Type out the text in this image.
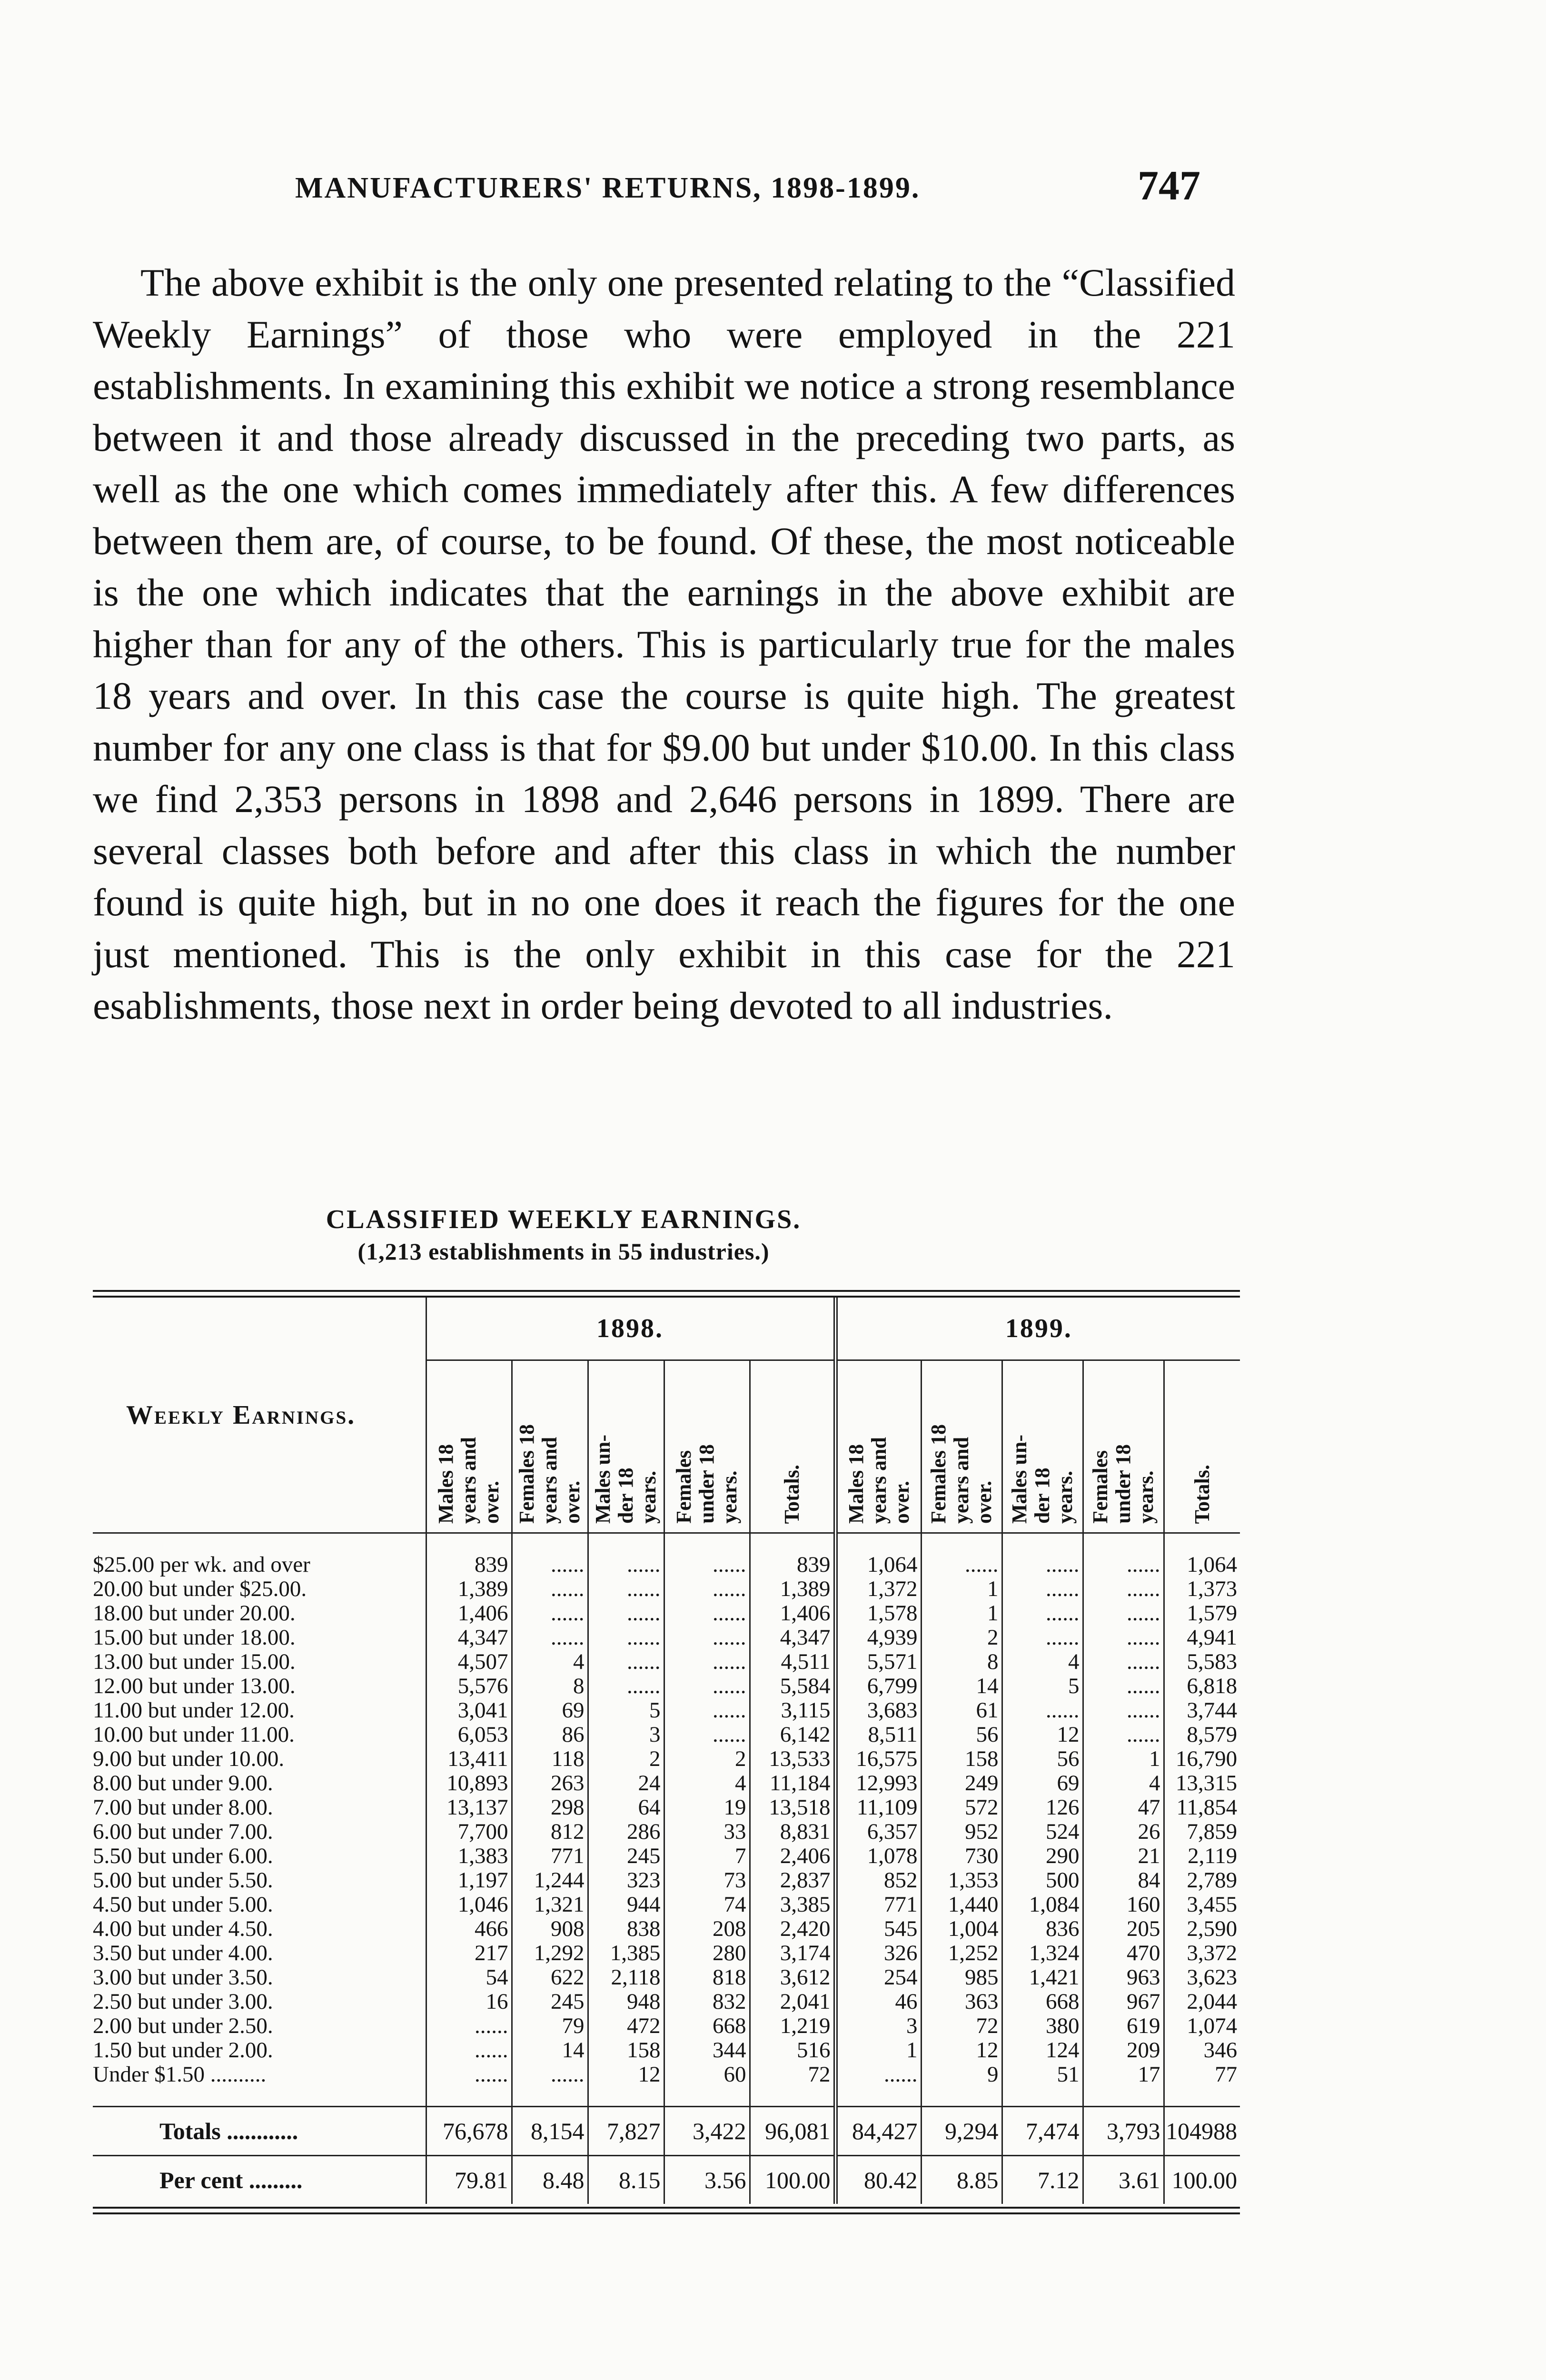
MANUFACTURERS' RETURNS, 1898-1899.	747

The above exhibit is the only one presented relating to the “Classified Weekly Earnings” of those who were employed in the 221 establishments. In examining this exhibit we notice a strong resemblance between it and those already discussed in the preceding two parts, as well as the one which comes immediately after this. A few differences between them are, of course, to be found. Of these, the most noticeable is the one which indicates that the earnings in the above exhibit are higher than for any of the others. This is particularly true for the males 18 years and over. In this case the course is quite high. The greatest number for any one class is that for $9.00 but under $10.00. In this class we find 2,353 persons in 1898 and 2,646 persons in 1899. There are several classes both before and after this class in which the number found is quite high, but in no one does it reach the figures for the one just mentioned. This is the only exhibit in this case for the 221 esablishments, those next in order being devoted to all industries.

CLASSIFIED WEEKLY EARNINGS.
(1,213 establishments in 55 industries.)
Weekly Earnings.	1898.					1899.				

	Males 18
years and
over.	Females 18
years and
over.	Males un-
der 18
years.	Females
under 18
years.	Totals.	Males 18
years and
over.	Females 18
years and
over.	Males un-
der 18
years.	Females
under 18
years.	Totals.

$25.00 per wk. and over	839	......	......	......	839	1,064	......	......	......	1,064
20.00 but under $25.00.	1,389	......	......	......	1,389	1,372	1	......	......	1,373
18.00 but under 20.00.	1,406	......	......	......	1,406	1,578	1	......	......	1,579
15.00 but under 18.00.	4,347	......	......	......	4,347	4,939	2	......	......	4,941
13.00 but under 15.00.	4,507	4	......	......	4,511	5,571	8	4	......	5,583
12.00 but under 13.00.	5,576	8	......	......	5,584	6,799	14	5	......	6,818
11.00 but under 12.00.	3,041	69	5	......	3,115	3,683	61	......	......	3,744
10.00 but under 11.00.	6,053	86	3	......	6,142	8,511	56	12	......	8,579
9.00 but under 10.00.	13,411	118	2	2	13,533	16,575	158	56	1	16,790
8.00 but under 9.00.	10,893	263	24	4	11,184	12,993	249	69	4	13,315
7.00 but under 8.00.	13,137	298	64	19	13,518	11,109	572	126	47	11,854
6.00 but under 7.00.	7,700	812	286	33	8,831	6,357	952	524	26	7,859
5.50 but under 6.00.	1,383	771	245	7	2,406	1,078	730	290	21	2,119
5.00 but under 5.50.	1,197	1,244	323	73	2,837	852	1,353	500	84	2,789
4.50 but under 5.00.	1,046	1,321	944	74	3,385	771	1,440	1,084	160	3,455
4.00 but under 4.50.	466	908	838	208	2,420	545	1,004	836	205	2,590
3.50 but under 4.00.	217	1,292	1,385	280	3,174	326	1,252	1,324	470	3,372
3.00 but under 3.50.	54	622	2,118	818	3,612	254	985	1,421	963	3,623
2.50 but under 3.00.	16	245	948	832	2,041	46	363	668	967	2,044
2.00 but under 2.50.	......	79	472	668	1,219	3	72	380	619	1,074
1.50 but under 2.00.	......	14	158	344	516	1	12	124	209	346
Under $1.50 ..........	......	......	12	60	72	......	9	51	17	77

Totals ............	76,678	8,154	7,827	3,422	96,081	84,427	9,294	7,474	3,793	104988
Per cent .........	79.81	8.48	8.15	3.56	100.00	80.42	8.85	7.12	3.61	100.00
